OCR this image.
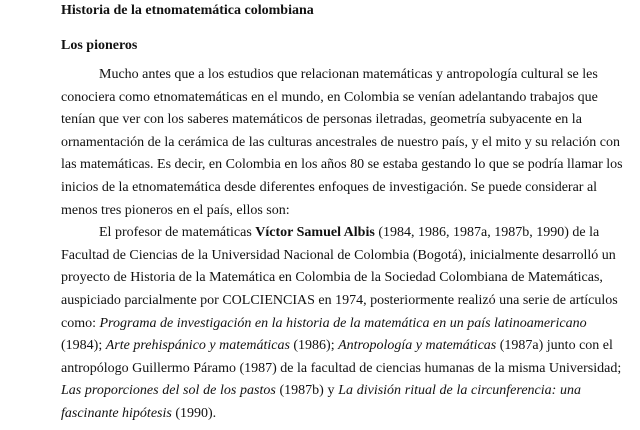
Historia de la etnomatemática colombiana
Los pioneros
Mucho antes que a los estudios que relacionan matemáticas y antropología cultural se les
conociera como etnomatemáticas en el mundo, en Colombia se venían adelantando trabajos que
tenían que ver con los saberes matemáticos de personas iletradas, geometría subyacente en la
ornamentación de la cerámica de las culturas ancestrales de nuestro país, y el mito y su relación con
las matemáticas. Es decir, en Colombia en los años 80 se estaba gestando lo que se podría llamar los
inicios de la etnomatemática desde diferentes enfoques de investigación. Se puede considerar al
menos tres pioneros en el país, ellos son:
El profesor de matemáticas Víctor Samuel Albis (1984, 1986, 1987a, 1987b, 1990) de la
Facultad de Ciencias de la Universidad Nacional de Colombia (Bogotá), inicialmente desarrolló un
proyecto de Historia de la Matemática en Colombia de la Sociedad Colombiana de Matemáticas,
auspiciado parcialmente por COLCIENCIAS en 1974, posteriormente realizó una serie de artículos
como: Programa de investigación en la historia de la matemática en un país latinoamericano
(1984); Arte prehispánico y matemáticas (1986); Antropología y matemáticas (1987a) junto con el
antropólogo Guillermo Páramo (1987) de la facultad de ciencias humanas de la misma Universidad;
Las proporciones del sol de los pastos (1987b) y La división ritual de la circunferencia: una
fascinante hipótesis (1990).
